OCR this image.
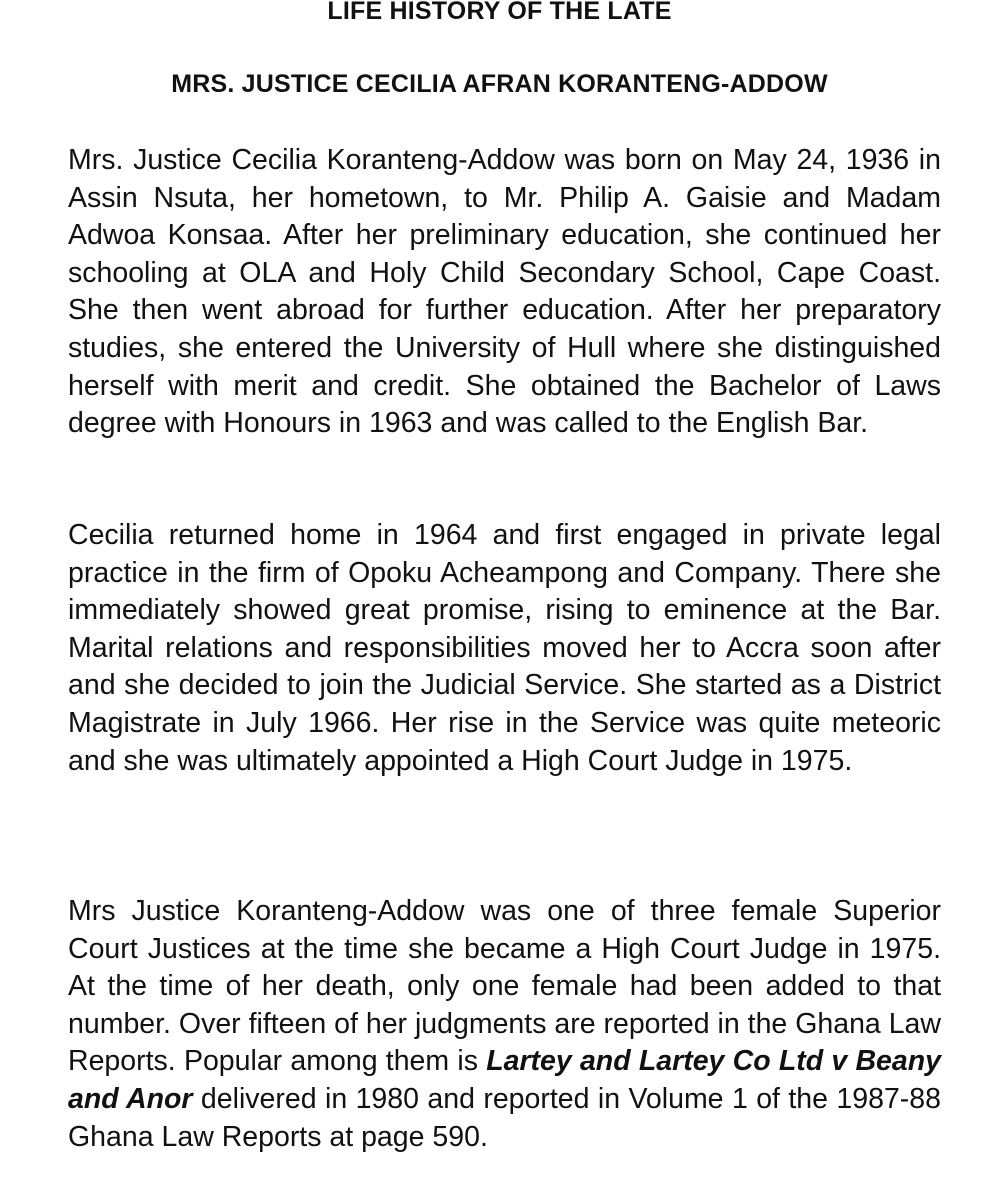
LIFE HISTORY OF THE LATE
MRS. JUSTICE CECILIA AFRAN KORANTENG-ADDOW

Mrs. Justice Cecilia Koranteng-Addow was born on May 24, 1936 in Assin Nsuta, her hometown, to Mr. Philip A. Gaisie and Madam Adwoa Konsaa. After her preliminary education, she continued her schooling at OLA and Holy Child Secondary School, Cape Coast. She then went abroad for further education. After her preparatory studies, she entered the University of Hull where she distinguished herself with merit and credit. She obtained the Bachelor of Laws degree with Honours in 1963 and was called to the English Bar.

Cecilia returned home in 1964 and first engaged in private legal practice in the firm of Opoku Acheampong and Company. There she immediately showed great promise, rising to eminence at the Bar. Marital relations and responsibilities moved her to Accra soon after and she decided to join the Judicial Service. She started as a District Magistrate in July 1966. Her rise in the Service was quite meteoric and she was ultimately appointed a High Court Judge in 1975.

Mrs Justice Koranteng-Addow was one of three female Superior Court Justices at the time she became a High Court Judge in 1975. At the time of her death, only one female had been added to that number. Over fifteen of her judgments are reported in the Ghana Law Reports. Popular among them is Lartey and Lartey Co Ltd v Beany and Anor delivered in 1980 and reported in Volume 1 of the 1987-88 Ghana Law Reports at page 590.
